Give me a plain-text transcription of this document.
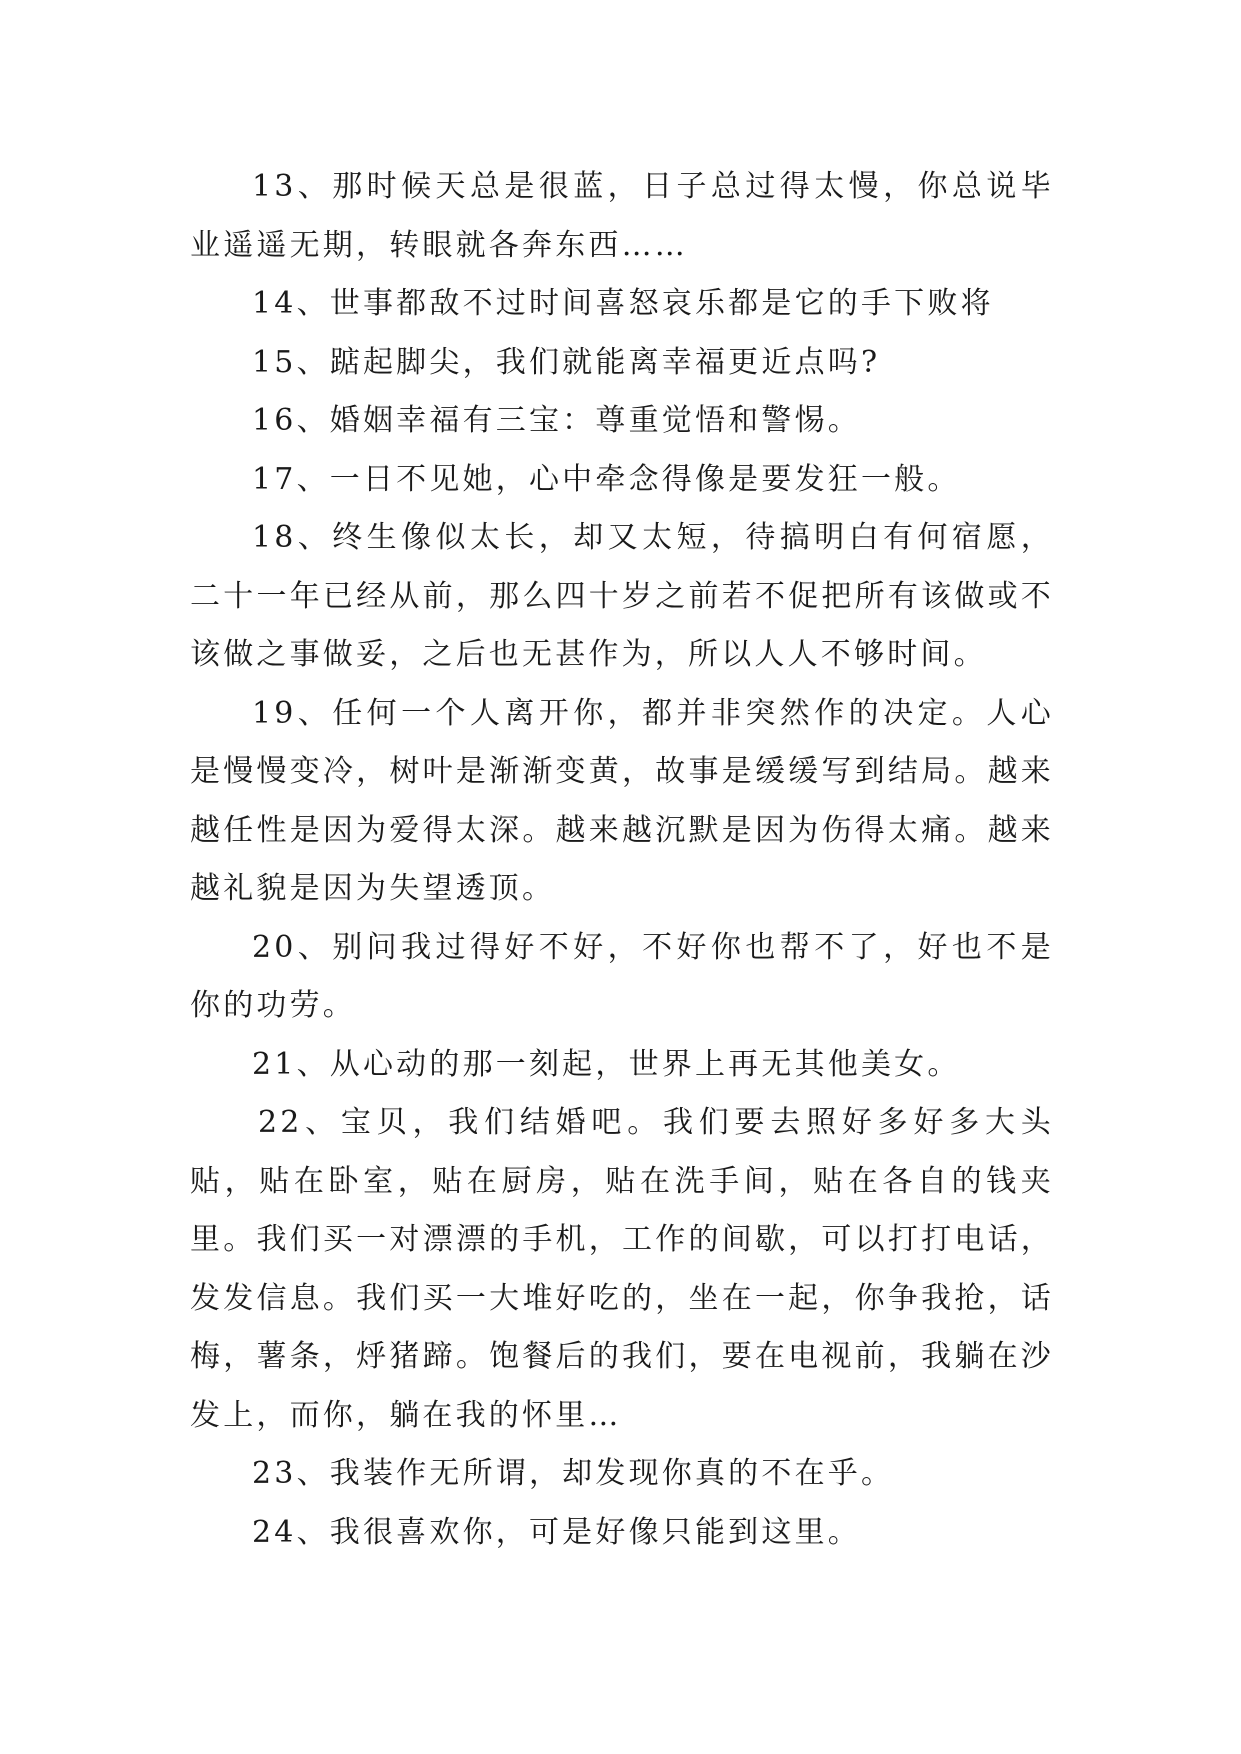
13、那时候天总是很蓝，日子总过得太慢，你总说毕业遥遥无期，转眼就各奔东西……

14、世事都敌不过时间喜怒哀乐都是它的手下败将

15、踮起脚尖，我们就能离幸福更近点吗?

16、婚姻幸福有三宝：尊重觉悟和警惕。

17、一日不见她，心中牵念得像是要发狂一般。

18、终生像似太长，却又太短，待搞明白有何宿愿，二十一年已经从前，那么四十岁之前若不促把所有该做或不该做之事做妥，之后也无甚作为，所以人人不够时间。

19、任何一个人离开你，都并非突然作的决定。人心是慢慢变冷，树叶是渐渐变黄，故事是缓缓写到结局。越来越任性是因为爱得太深。越来越沉默是因为伤得太痛。越来越礼貌是因为失望透顶。

20、别问我过得好不好，不好你也帮不了，好也不是你的功劳。

21、从心动的那一刻起，世界上再无其他美女。

22、宝贝，我们结婚吧。我们要去照好多好多大头贴，贴在卧室，贴在厨房，贴在洗手间，贴在各自的钱夹里。我们买一对漂漂的手机，工作的间歇，可以打打电话，发发信息。我们买一大堆好吃的，坐在一起，你争我抢，话梅，薯条，烀猪蹄。饱餐后的我们，要在电视前，我躺在沙发上，而你，躺在我的怀里…

23、我装作无所谓，却发现你真的不在乎。

24、我很喜欢你，可是好像只能到这里。
